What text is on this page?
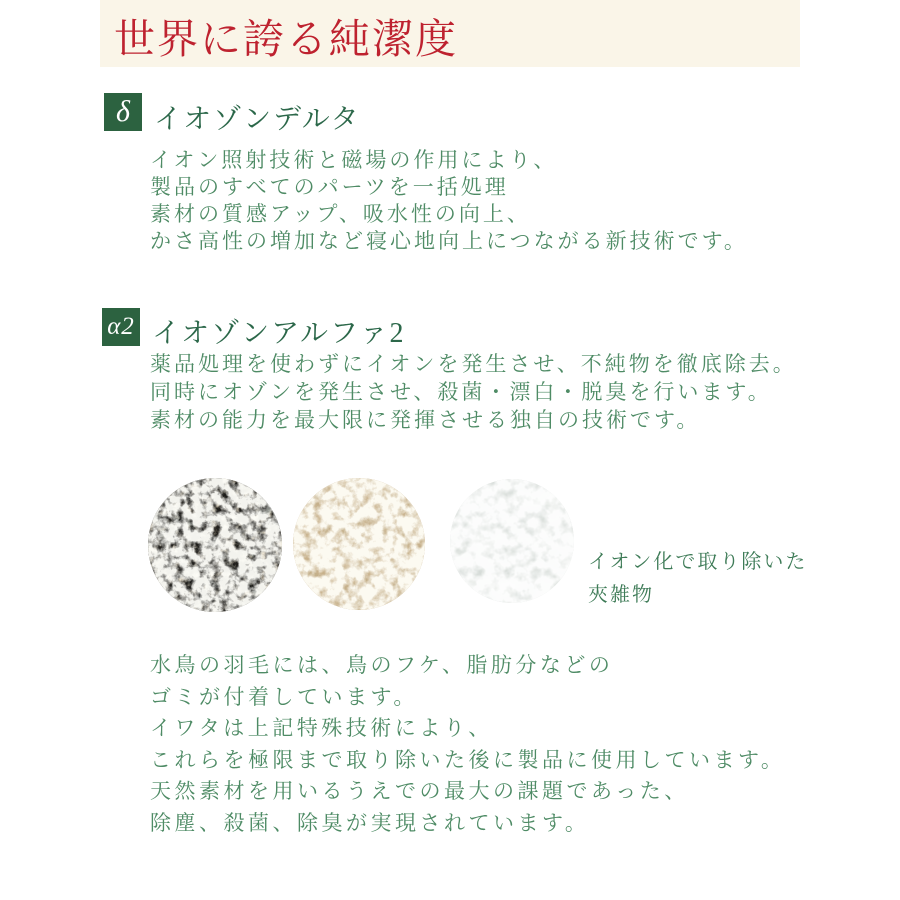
世界に誇る純潔度
δ イオゾンデルタ
イオン照射技術と磁場の作用により、
製品のすべてのパーツを一括処理
素材の質感アップ、吸水性の向上、
かさ高性の増加など寝心地向上につながる新技術です。
α2 イオゾンアルファ2
薬品処理を使わずにイオンを発生させ、不純物を徹底除去。
同時にオゾンを発生させ、殺菌・漂白・脱臭を行います。
素材の能力を最大限に発揮させる独自の技術です。
イオン化で取り除いた
夾雑物
水鳥の羽毛には、鳥のフケ、脂肪分などの
ゴミが付着しています。
イワタは上記特殊技術により、
これらを極限まで取り除いた後に製品に使用しています。
天然素材を用いるうえでの最大の課題であった、
除塵、殺菌、除臭が実現されています。
